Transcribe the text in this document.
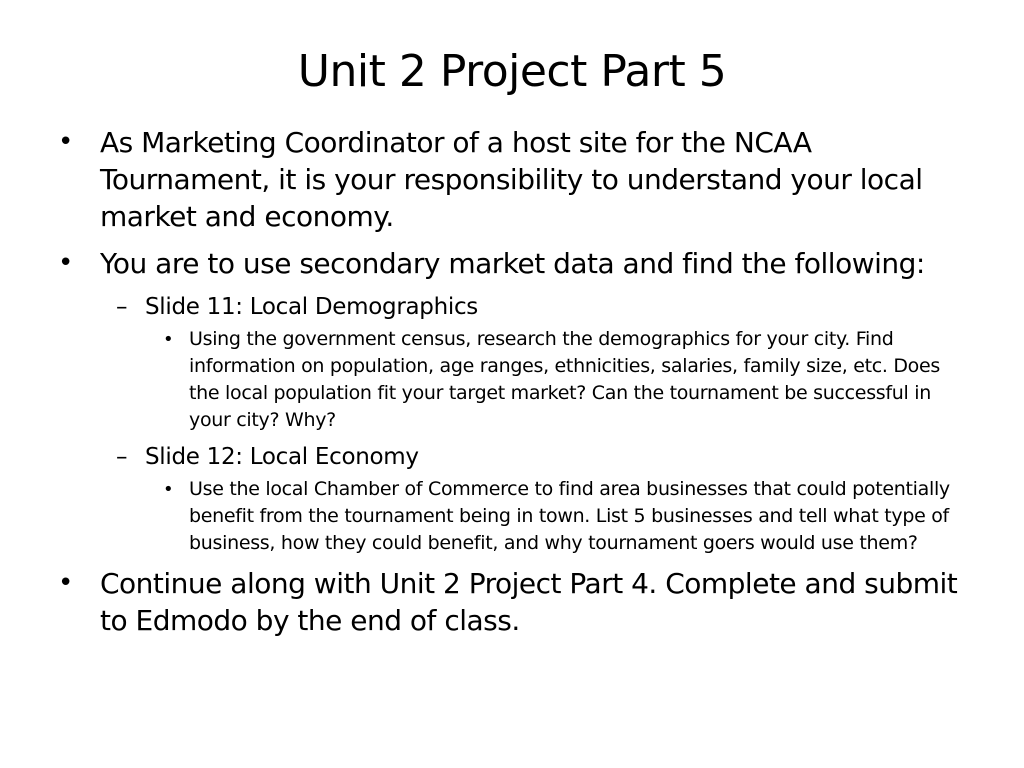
Unit 2 Project Part 5
• As Marketing Coordinator of a host site for the NCAA Tournament, it is your responsibility to understand your local market and economy.
• You are to use secondary market data and find the following:
– Slide 11: Local Demographics
• Using the government census, research the demographics for your city. Find information on population, age ranges, ethnicities, salaries, family size, etc. Does the local population fit your target market? Can the tournament be successful in your city? Why?
– Slide 12: Local Economy
• Use the local Chamber of Commerce to find area businesses that could potentially benefit from the tournament being in town. List 5 businesses and tell what type of business, how they could benefit, and why tournament goers would use them?
• Continue along with Unit 2 Project Part 4. Complete and submit to Edmodo by the end of class.
